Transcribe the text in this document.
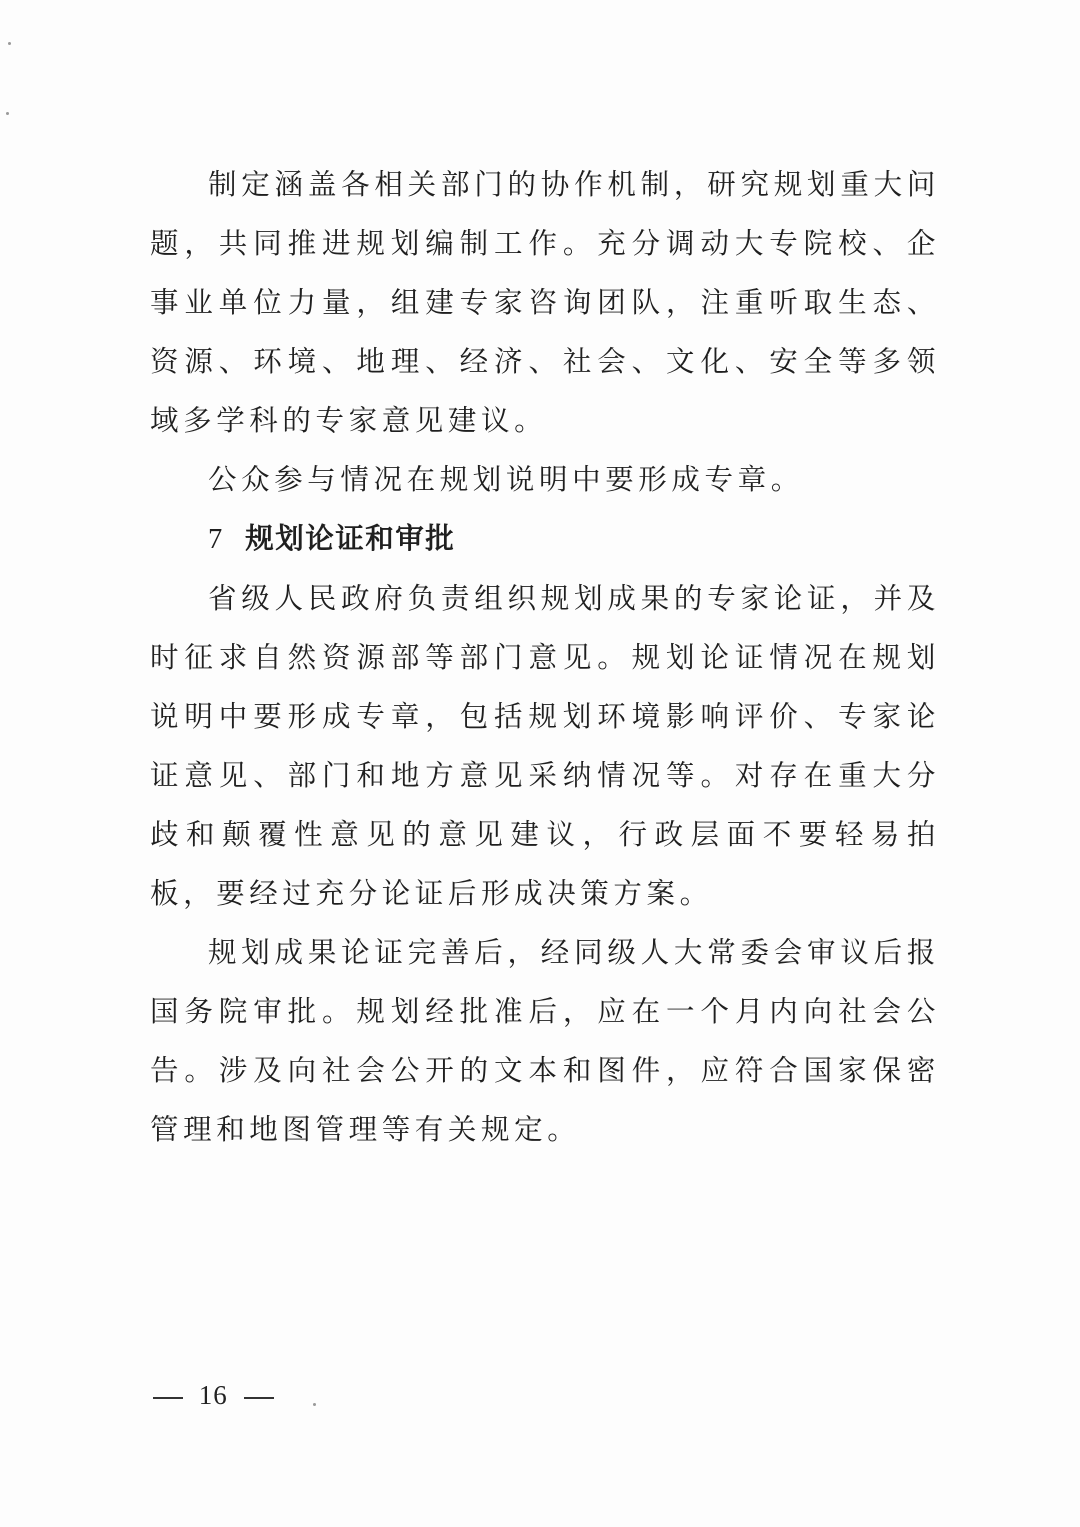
制定涵盖各相关部门的协作机制，研究规划重大问题，共同推进规划编制工作。充分调动大专院校、企事业单位力量，组建专家咨询团队，注重听取生态、资源、环境、地理、经济、社会、文化、安全等多领域多学科的专家意见建议。

公众参与情况在规划说明中要形成专章。

7 规划论证和审批

省级人民政府负责组织规划成果的专家论证，并及时征求自然资源部等部门意见。规划论证情况在规划说明中要形成专章，包括规划环境影响评价、专家论证意见、部门和地方意见采纳情况等。对存在重大分歧和颠覆性意见的意见建议，行政层面不要轻易拍板，要经过充分论证后形成决策方案。

规划成果论证完善后，经同级人大常委会审议后报国务院审批。规划经批准后，应在一个月内向社会公告。涉及向社会公开的文本和图件，应符合国家保密管理和地图管理等有关规定。

16
